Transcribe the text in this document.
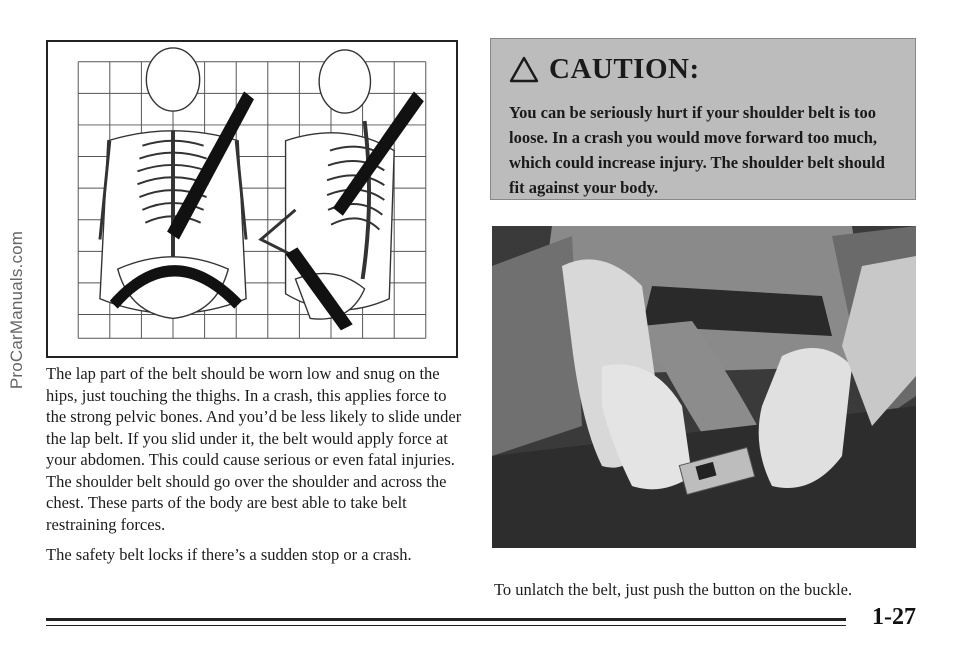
ProCarManuals.com
CAUTION:
You can be seriously hurt if your shoulder belt is too loose. In a crash you would move forward too much, which could increase injury. The shoulder belt should fit against your body.

The lap part of the belt should be worn low and snug on the hips, just touching the thighs. In a crash, this applies force to the strong pelvic bones. And you’d be less likely to slide under the lap belt. If you slid under it, the belt would apply force at your abdomen. This could cause serious or even fatal injuries. The shoulder belt should go over the shoulder and across the chest. These parts of the body are best able to take belt restraining forces.

The safety belt locks if there’s a sudden stop or a crash.

To unlatch the belt, just push the button on the buckle.
1-27
